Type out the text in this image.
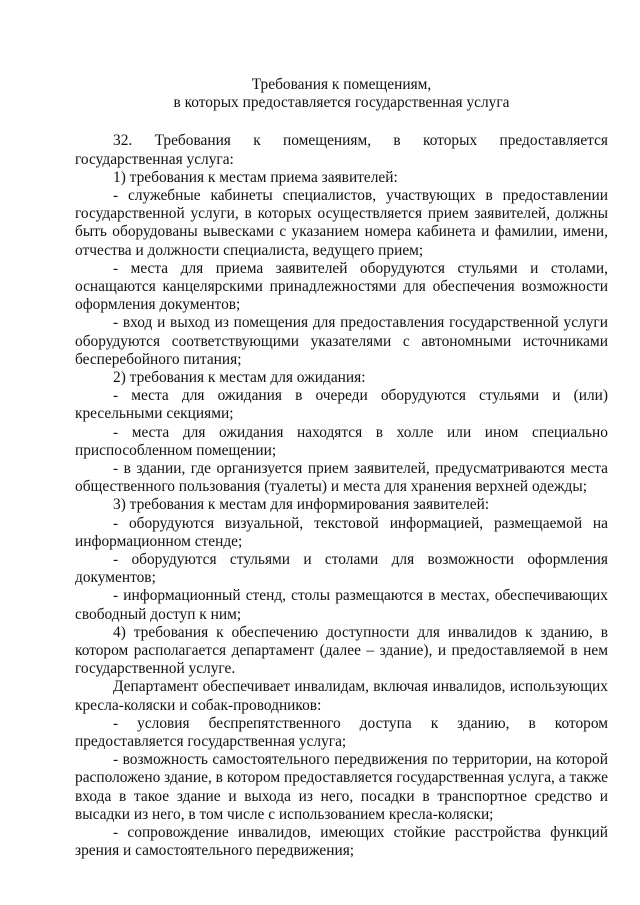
Требования к помещениям,
в которых предоставляется государственная услуга

32. Требования к помещениям, в которых предоставляется государственная услуга:

1) требования к местам приема заявителей:

- служебные кабинеты специалистов, участвующих в предоставлении государственной услуги, в которых осуществляется прием заявителей, должны быть оборудованы вывесками с указанием номера кабинета и фамилии, имени, отчества и должности специалиста, ведущего прием;

- места для приема заявителей оборудуются стульями и столами, оснащаются канцелярскими принадлежностями для обеспечения возможности оформления документов;

- вход и выход из помещения для предоставления государственной услуги оборудуются соответствующими указателями с автономными источниками бесперебойного питания;

2) требования к местам для ожидания:

- места для ожидания в очереди оборудуются стульями и (или) кресельными секциями;

- места для ожидания находятся в холле или ином специально приспособленном помещении;

- в здании, где организуется прием заявителей, предусматриваются места общественного пользования (туалеты) и места для хранения верхней одежды;

3) требования к местам для информирования заявителей:

- оборудуются визуальной, текстовой информацией, размещаемой на информационном стенде;

- оборудуются стульями и столами для возможности оформления документов;

- информационный стенд, столы размещаются в местах, обеспечивающих свободный доступ к ним;

4) требования к обеспечению доступности для инвалидов к зданию, в котором располагается департамент (далее – здание), и предоставляемой в нем государственной услуге.

Департамент обеспечивает инвалидам, включая инвалидов, использующих кресла-коляски и собак-проводников:

- условия беспрепятственного доступа к зданию, в котором предоставляется государственная услуга;

- возможность самостоятельного передвижения по территории, на которой расположено здание, в котором предоставляется государственная услуга, а также входа в такое здание и выхода из него, посадки в транспортное средство и высадки из него, в том числе с использованием кресла-коляски;

- сопровождение инвалидов, имеющих стойкие расстройства функций зрения и самостоятельного передвижения;
